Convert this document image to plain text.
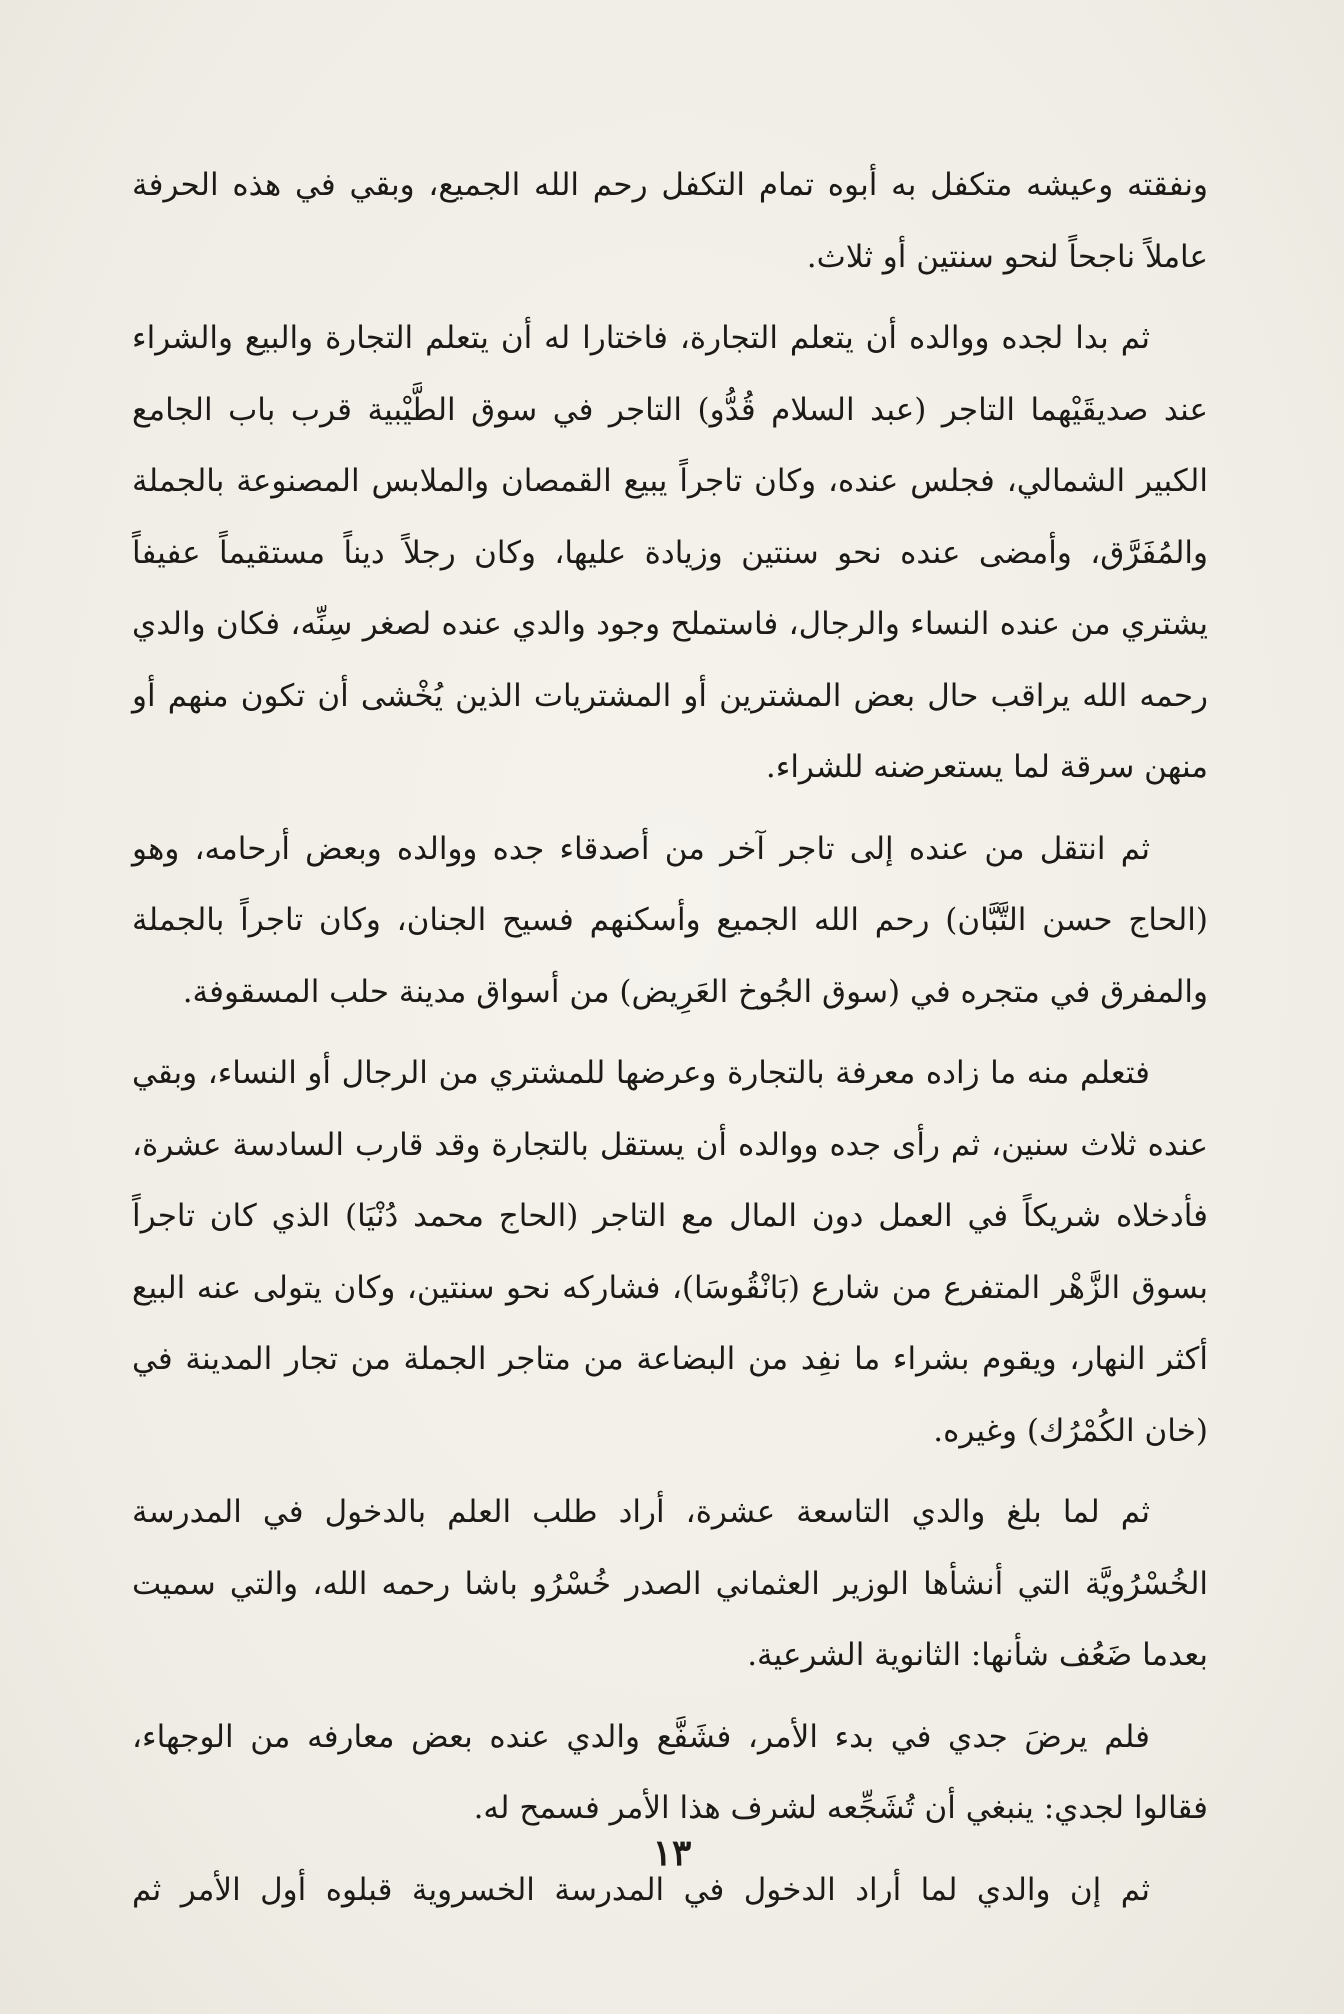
ونفقته وعيشه متكفل به أبوه تمام التكفل رحم الله الجميع، وبقي في هذه الحرفة عاملاً ناجحاً لنحو سنتين أو ثلاث.

ثم بدا لجده ووالده أن يتعلم التجارة، فاختارا له أن يتعلم التجارة والبيع والشراء عند صديقَيْهما التاجر (عبد السلام قُدُّو) التاجر في سوق الطَّيْبية قرب باب الجامع الكبير الشمالي، فجلس عنده، وكان تاجراً يبيع القمصان والملابس المصنوعة بالجملة والمُفَرَّق، وأمضى عنده نحو سنتين وزيادة عليها، وكان رجلاً ديناً مستقيماً عفيفاً يشتري من عنده النساء والرجال، فاستملح وجود والدي عنده لصغر سِنِّه، فكان والدي رحمه الله يراقب حال بعض المشترين أو المشتريات الذين يُخْشى أن تكون منهم أو منهن سرقة لما يستعرضنه للشراء.

ثم انتقل من عنده إلى تاجر آخر من أصدقاء جده ووالده وبعض أرحامه، وهو (الحاج حسن التَّبَّان) رحم الله الجميع وأسكنهم فسيح الجنان، وكان تاجراً بالجملة والمفرق في متجره في (سوق الجُوخ العَرِيض) من أسواق مدينة حلب المسقوفة.

فتعلم منه ما زاده معرفة بالتجارة وعرضها للمشتري من الرجال أو النساء، وبقي عنده ثلاث سنين، ثم رأى جده ووالده أن يستقل بالتجارة وقد قارب السادسة عشرة، فأدخلاه شريكاً في العمل دون المال مع التاجر (الحاج محمد دُنْيَا) الذي كان تاجراً بسوق الزَّهْر المتفرع من شارع (بَانْقُوسَا)، فشاركه نحو سنتين، وكان يتولى عنه البيع أكثر النهار، ويقوم بشراء ما نفِد من البضاعة من متاجر الجملة من تجار المدينة في (خان الكُمْرُك) وغيره.

ثم لما بلغ والدي التاسعة عشرة، أراد طلب العلم بالدخول في المدرسة الخُسْرُويَّة التي أنشأها الوزير العثماني الصدر خُسْرُو باشا رحمه الله، والتي سميت بعدما ضَعُف شأنها: الثانوية الشرعية.

فلم يرضَ جدي في بدء الأمر، فشَفَّع والدي عنده بعض معارفه من الوجهاء، فقالوا لجدي: ينبغي أن تُشَجِّعه لشرف هذا الأمر فسمح له.

ثم إن والدي لما أراد الدخول في المدرسة الخسروية قبلوه أول الأمر ثم

١٣
